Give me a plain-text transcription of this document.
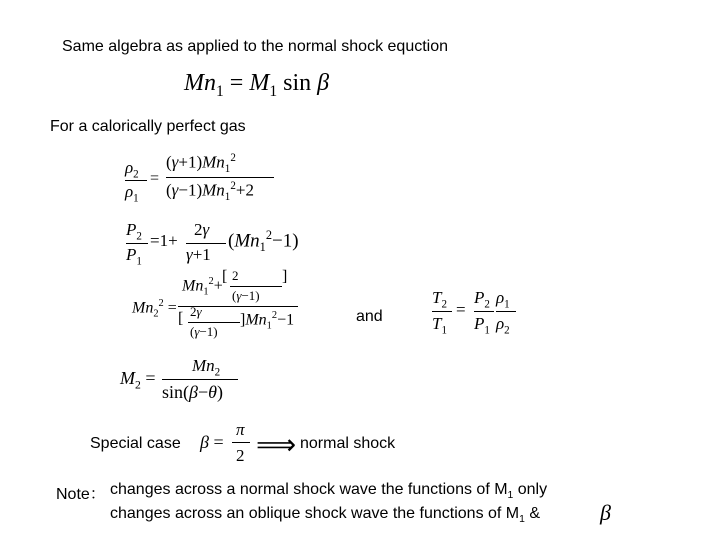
Same algebra as applied to the normal shock equction
For a calorically perfect gas
$Mn_1 = M_1$ sin β
$\rho_2$
$\rho_1$
=
$(\gamma+1)Mn_1^2$
$(\gamma-1)Mn_1^2+2$
$P_2$
$P_1$
=1+
2γ
γ+1
$(Mn_1^2-1)$
$Mn_2^2$ =
$Mn_1^2+$
[ 2
(γ−1)
]
[ 2γ
(γ−1)
]$Mn_1^2-1$	and
$T_2$
$T_1$
=
$P_2$
$P_1$
$\rho_1$
$\rho_2$
$M_2$ =
$Mn_2$
sin(β−θ)
Special case β =
π
2 ⟹ normal shock
Note： changes across a normal shock wave the functions of $M_1$ only
changes across an oblique shock wave the functions of $M_1$ &	β
